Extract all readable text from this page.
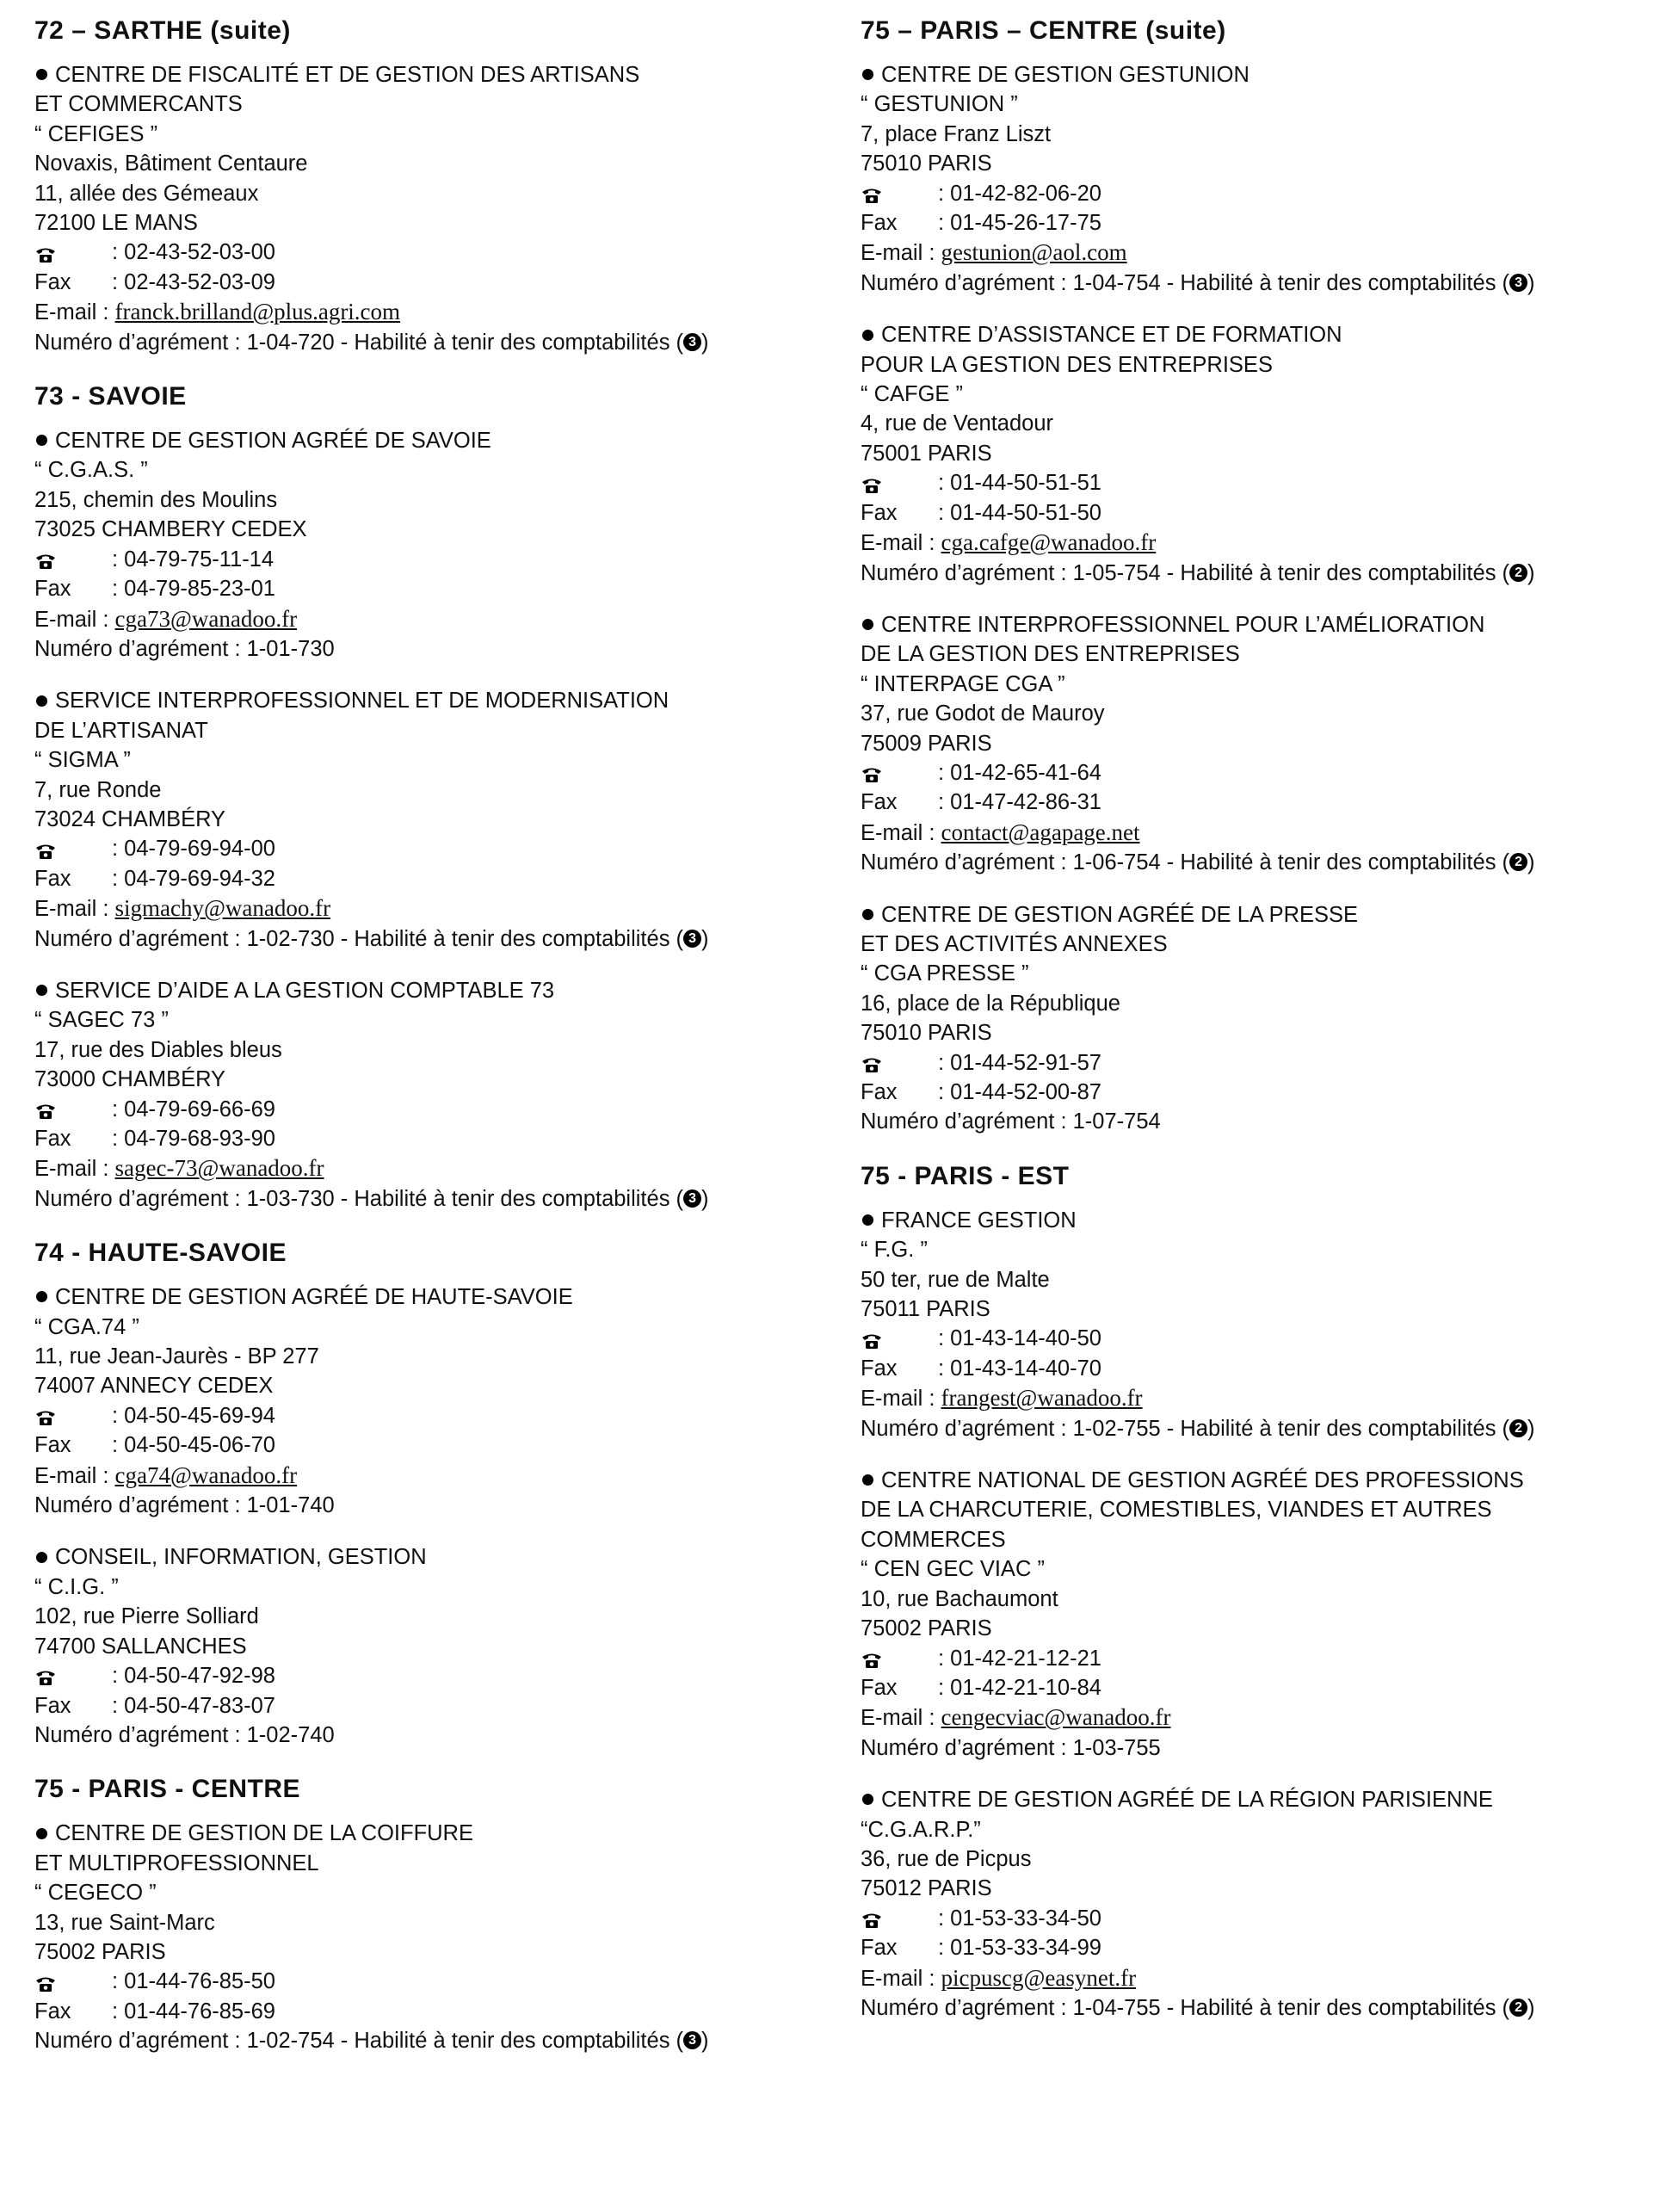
72 – SARTHE (suite)
CENTRE DE FISCALITÉ ET DE GESTION DES ARTISANS
ET COMMERCANTS
“ CEFIGES ”
Novaxis, Bâtiment Centaure
11, allée des Gémeaux
72100 LE MANS
: 02-43-52-03-00
Fax : 02-43-52-03-09
E-mail : franck.brilland@plus.agri.com
Numéro d’agrément : 1-04-720 - Habilité à tenir des comptabilités ( 3 )
73 - SAVOIE
CENTRE DE GESTION AGRÉÉ DE SAVOIE
“ C.G.A.S. ”
215, chemin des Moulins
73025 CHAMBERY CEDEX
: 04-79-75-11-14
Fax : 04-79-85-23-01
E-mail : cga73@wanadoo.fr
Numéro d’agrément : 1-01-730
SERVICE INTERPROFESSIONNEL ET DE MODERNISATION
DE L’ARTISANAT
“ SIGMA ”
7, rue Ronde
73024 CHAMBÉRY
: 04-79-69-94-00
Fax : 04-79-69-94-32
E-mail : sigmachy@wanadoo.fr
Numéro d’agrément : 1-02-730 - Habilité à tenir des comptabilités ( 3 )
SERVICE D’AIDE A LA GESTION COMPTABLE 73
“ SAGEC 73 ”
17, rue des Diables bleus
73000 CHAMBÉRY
: 04-79-69-66-69
Fax : 04-79-68-93-90
E-mail : sagec-73@wanadoo.fr
Numéro d’agrément : 1-03-730 - Habilité à tenir des comptabilités ( 3 )
74 - HAUTE-SAVOIE
CENTRE DE GESTION AGRÉÉ DE HAUTE-SAVOIE
“ CGA.74 ”
11, rue Jean-Jaurès - BP 277
74007 ANNECY CEDEX
: 04-50-45-69-94
Fax : 04-50-45-06-70
E-mail : cga74@wanadoo.fr
Numéro d’agrément : 1-01-740
CONSEIL, INFORMATION, GESTION
“ C.I.G. ”
102, rue Pierre Solliard
74700 SALLANCHES
: 04-50-47-92-98
Fax : 04-50-47-83-07
Numéro d’agrément : 1-02-740
75 - PARIS - CENTRE
CENTRE DE GESTION DE LA COIFFURE
ET MULTIPROFESSIONNEL
“ CEGECO ”
13, rue Saint-Marc
75002 PARIS
: 01-44-76-85-50
Fax : 01-44-76-85-69
Numéro d’agrément : 1-02-754 - Habilité à tenir des comptabilités ( 3 )
75 – PARIS – CENTRE (suite)
CENTRE DE GESTION GESTUNION
“ GESTUNION ”
7, place Franz Liszt
75010 PARIS
: 01-42-82-06-20
Fax : 01-45-26-17-75
E-mail : gestunion@aol.com
Numéro d’agrément : 1-04-754 - Habilité à tenir des comptabilités ( 3 )
CENTRE D’ASSISTANCE ET DE FORMATION
POUR LA GESTION DES ENTREPRISES
“ CAFGE ”
4, rue de Ventadour
75001 PARIS
: 01-44-50-51-51
Fax : 01-44-50-51-50
E-mail : cga.cafge@wanadoo.fr
Numéro d’agrément : 1-05-754 - Habilité à tenir des comptabilités ( 2 )
CENTRE INTERPROFESSIONNEL POUR L’AMÉLIORATION
DE LA GESTION DES ENTREPRISES
“ INTERPAGE CGA ”
37, rue Godot de Mauroy
75009 PARIS
: 01-42-65-41-64
Fax : 01-47-42-86-31
E-mail : contact@agapage.net
Numéro d’agrément : 1-06-754 - Habilité à tenir des comptabilités ( 2 )
CENTRE DE GESTION AGRÉÉ DE LA PRESSE
ET DES ACTIVITÉS ANNEXES
“ CGA PRESSE ”
16, place de la République
75010 PARIS
: 01-44-52-91-57
Fax : 01-44-52-00-87
Numéro d’agrément : 1-07-754
75 - PARIS - EST
FRANCE GESTION
“ F.G. ”
50 ter, rue de Malte
75011 PARIS
: 01-43-14-40-50
Fax : 01-43-14-40-70
E-mail : frangest@wanadoo.fr
Numéro d’agrément : 1-02-755 - Habilité à tenir des comptabilités ( 2 )
CENTRE NATIONAL DE GESTION AGRÉÉ DES PROFESSIONS
DE LA CHARCUTERIE, COMESTIBLES, VIANDES ET AUTRES
COMMERCES
“ CEN GEC VIAC ”
10, rue Bachaumont
75002 PARIS
: 01-42-21-12-21
Fax : 01-42-21-10-84
E-mail : cengecviac@wanadoo.fr
Numéro d’agrément : 1-03-755
CENTRE DE GESTION AGRÉÉ DE LA RÉGION PARISIENNE
“C.G.A.R.P.”
36, rue de Picpus
75012 PARIS
: 01-53-33-34-50
Fax : 01-53-33-34-99
E-mail : picpuscg@easynet.fr
Numéro d’agrément : 1-04-755 - Habilité à tenir des comptabilités ( 2 )
